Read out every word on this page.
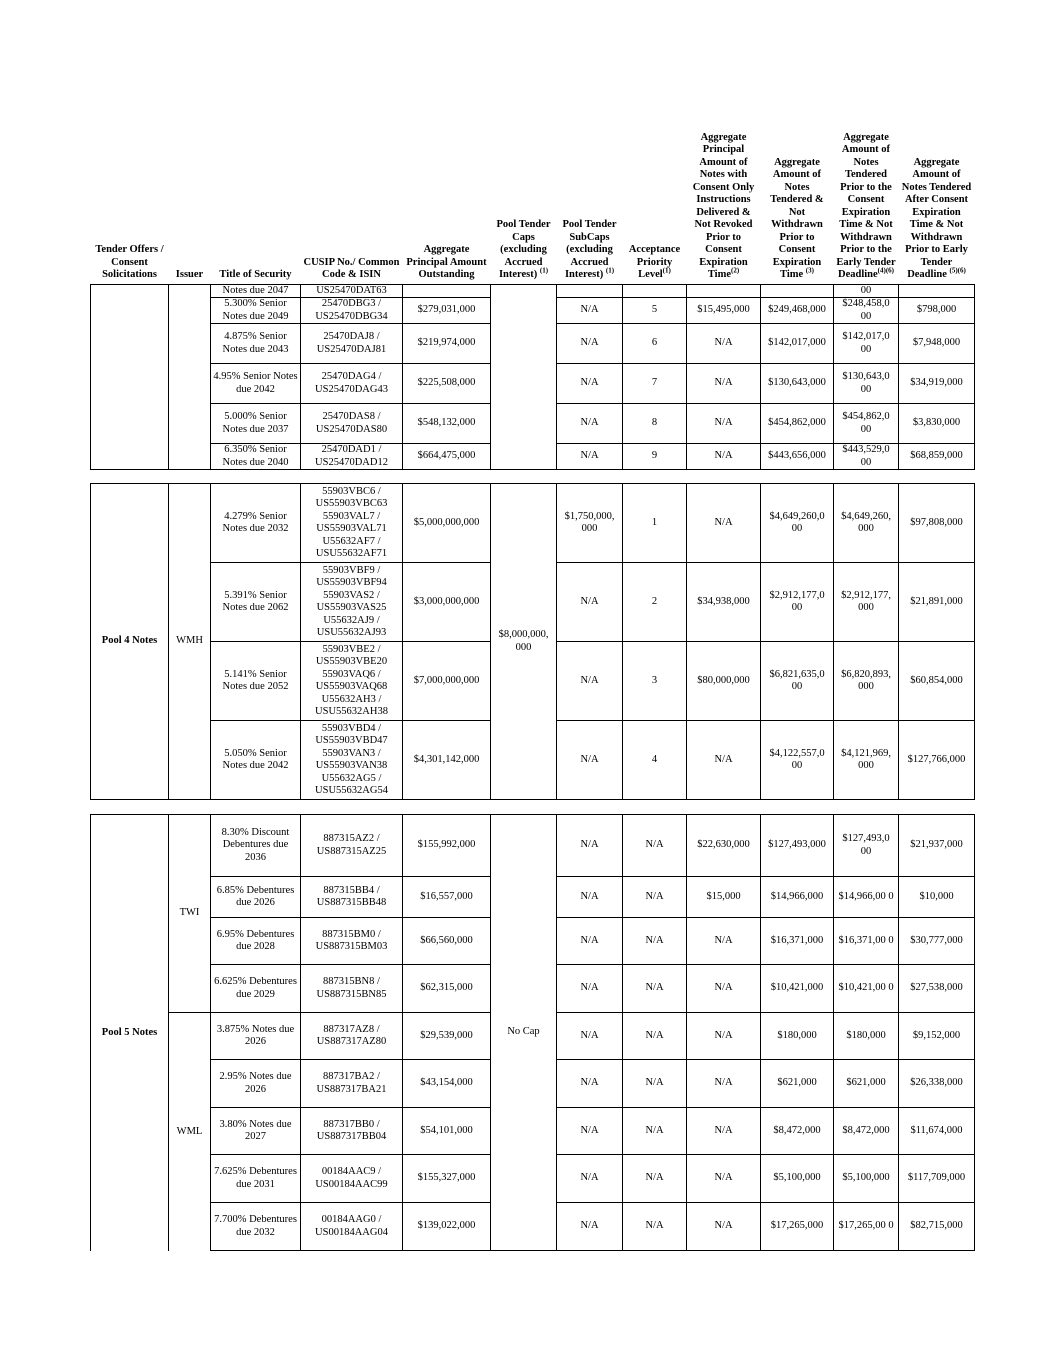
Tender Offers / Consent Solicitations	Issuer	Title of Security	CUSIP No./ Common Code & ISIN	Aggregate Principal Amount Outstanding	Pool Tender Caps (excluding Accrued Interest) $^{(1)}$	Pool Tender SubCaps (excluding Accrued Interest) $^{(1)}$	Acceptance Priority Level$^{(1)}$	Aggregate Principal Amount of Notes with Consent Only Instructions Delivered & Not Revoked Prior to Consent Expiration Time$^{(2)}$	Aggregate Amount of Notes Tendered & Not Withdrawn Prior to Consent Expiration Time $^{(3)}$	Aggregate Amount of Notes Tendered Prior to the Consent Expiration Time & Not Withdrawn Prior to the Early Tender Deadline$^{(4)(6)}$	Aggregate Amount of Notes Tendered After Consent Expiration Time & Not Withdrawn Prior to Early Tender Deadline $^{(5)(6)}$
		Notes due 2047	US25470DAT63							00	
		5.300% Senior Notes due 2049	25470DBG3 / US25470DBG34	$279,031,000		N/A	5	$15,495,000	$249,468,000	$248,458,0 00	$798,000
		4.875% Senior Notes due 2043	25470DAJ8 / US25470DAJ81	$219,974,000		N/A	6	N/A	$142,017,000	$142,017,0 00	$7,948,000
		4.95% Senior Notes due 2042	25470DAG4 / US25470DAG43	$225,508,000		N/A	7	N/A	$130,643,000	$130,643,0 00	$34,919,000
		5.000% Senior Notes due 2037	25470DAS8 / US25470DAS80	$548,132,000		N/A	8	N/A	$454,862,000	$454,862,0 00	$3,830,000
		6.350% Senior Notes due 2040	25470DAD1 / US25470DAD12	$664,475,000		N/A	9	N/A	$443,656,000	$443,529,0 00	$68,859,000
Pool 4 Notes	WMH	4.279% Senior Notes due 2032	55903VBC6 / US55903VBC63 55903VAL7 / US55903VAL71 U55632AF7 / USU55632AF71	$5,000,000,000	$8,000,000, 000	$1,750,000, 000	1	N/A	$4,649,260,0 00	$4,649,260, 000	$97,808,000
		5.391% Senior Notes due 2062	55903VBF9 / US55903VBF94 55903VAS2 / US55903VAS25 U55632AJ9 / USU55632AJ93	$3,000,000,000		N/A	2	$34,938,000	$2,912,177,0 00	$2,912,177, 000	$21,891,000
		5.141% Senior Notes due 2052	55903VBE2 / US55903VBE20 55903VAQ6 / US55903VAQ68 U55632AH3 / USU55632AH38	$7,000,000,000		N/A	3	$80,000,000	$6,821,635,0 00	$6,820,893, 000	$60,854,000
		5.050% Senior Notes due 2042	55903VBD4 / US55903VBD47 55903VAN3 / US55903VAN38 U55632AG5 / USU55632AG54	$4,301,142,000		N/A	4	N/A	$4,122,557,0 00	$4,121,969, 000	$127,766,000
Pool 5 Notes	TWI	8.30% Discount Debentures due 2036	887315AZ2 / US887315AZ25	$155,992,000	No Cap	N/A	N/A	$22,630,000	$127,493,000	$127,493,0 00	$21,937,000
		6.85% Debentures due 2026	887315BB4 / US887315BB48	$16,557,000		N/A	N/A	$15,000	$14,966,000	$14,966,00 0	$10,000
		6.95% Debentures due 2028	887315BM0 / US887315BM03	$66,560,000		N/A	N/A	N/A	$16,371,000	$16,371,00 0	$30,777,000
		6.625% Debentures due 2029	887315BN8 / US887315BN85	$62,315,000		N/A	N/A	N/A	$10,421,000	$10,421,00 0	$27,538,000
	WML	3.875% Notes due 2026	887317AZ8 / US887317AZ80	$29,539,000		N/A	N/A	N/A	$180,000	$180,000	$9,152,000
		2.95% Notes due 2026	887317BA2 / US887317BA21	$43,154,000		N/A	N/A	N/A	$621,000	$621,000	$26,338,000
		3.80% Notes due 2027	887317BB0 / US887317BB04	$54,101,000		N/A	N/A	N/A	$8,472,000	$8,472,000	$11,674,000
		7.625% Debentures due 2031	00184AAC9 / US00184AAC99	$155,327,000		N/A	N/A	N/A	$5,100,000	$5,100,000	$117,709,000
		7.700% Debentures due 2032	00184AAG0 / US00184AAG04	$139,022,000		N/A	N/A	N/A	$17,265,000	$17,265,00 0	$82,715,000
